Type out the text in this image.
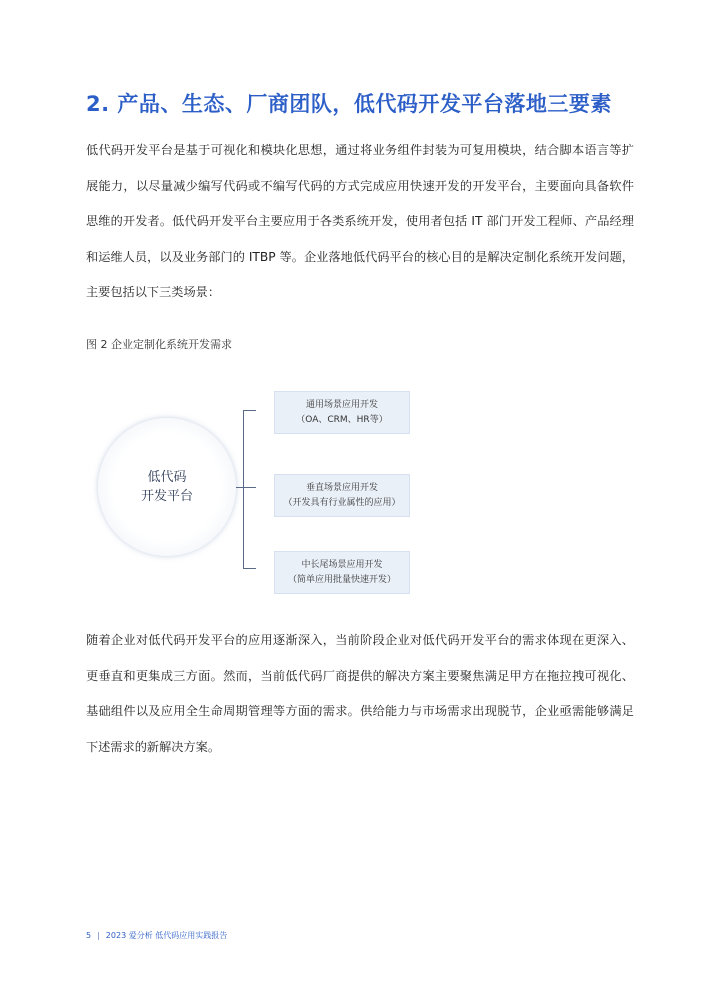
2. 产品、生态、厂商团队，低代码开发平台落地三要素
低代码开发平台是基于可视化和模块化思想，通过将业务组件封装为可复用模块，结合脚本语言等扩展能力，以尽量减少编写代码或不编写代码的方式完成应用快速开发的开发平台，主要面向具备软件思维的开发者。低代码开发平台主要应用于各类系统开发，使用者包括 IT 部门开发工程师、产品经理和运维人员，以及业务部门的 ITBP 等。企业落地低代码平台的核心目的是解决定制化系统开发问题，主要包括以下三类场景：
图 2 企业定制化系统开发需求
低代码
开发平台
通用场景应用开发
（OA、CRM、HR等）
垂直场景应用开发
（开发具有行业属性的应用）
中长尾场景应用开发
（简单应用批量快速开发）
随着企业对低代码开发平台的应用逐渐深入，当前阶段企业对低代码开发平台的需求体现在更深入、更垂直和更集成三方面。然而，当前低代码厂商提供的解决方案主要聚焦满足甲方在拖拉拽可视化、基础组件以及应用全生命周期管理等方面的需求。供给能力与市场需求出现脱节，企业亟需能够满足下述需求的新解决方案。
5 | 2023 爱分析 低代码应用实践报告
